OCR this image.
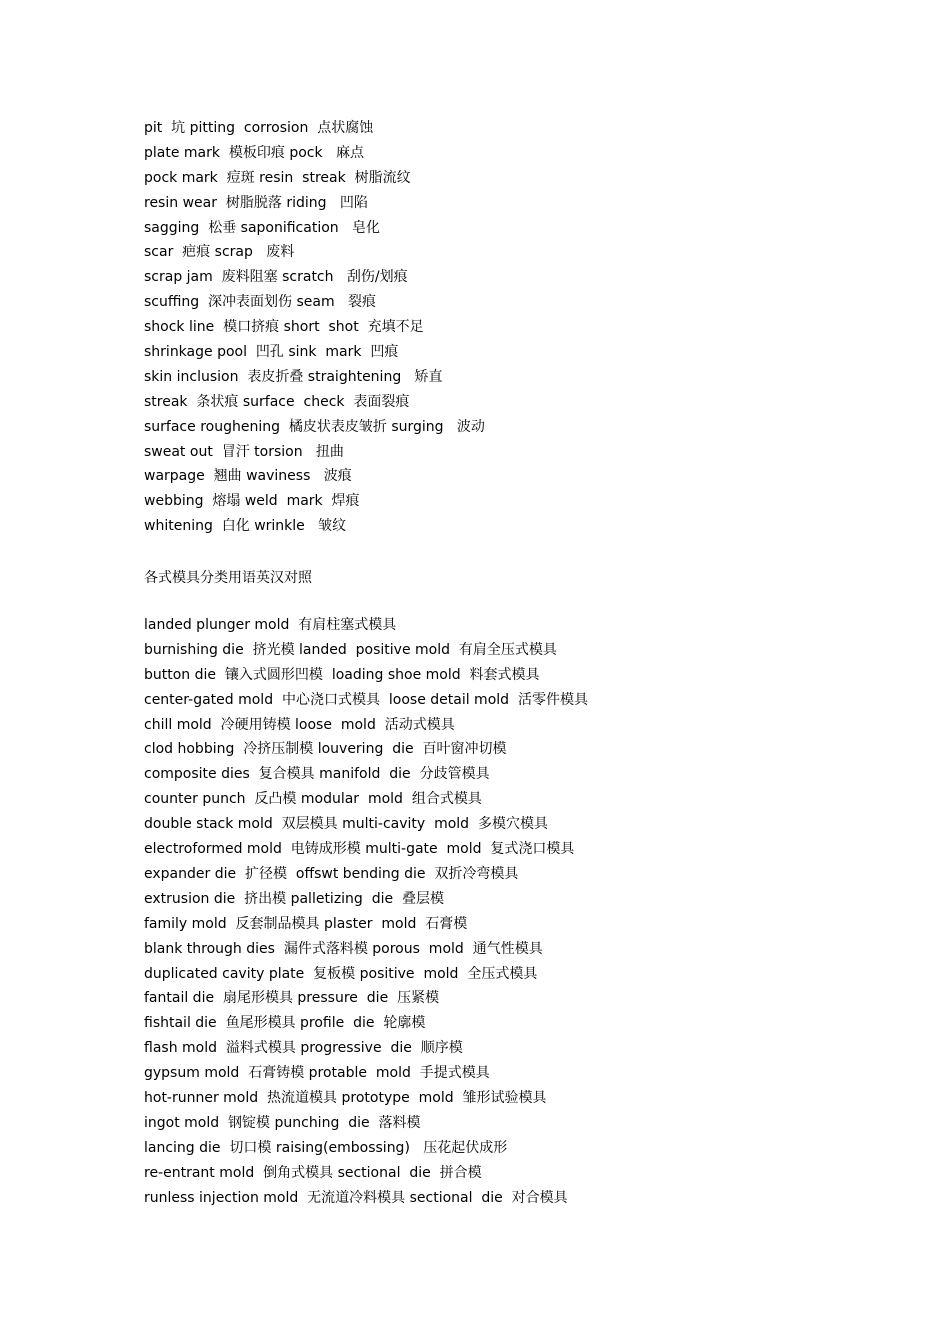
pit  坑 pitting  corrosion  点状腐蚀
plate mark  模板印痕 pock   麻点
pock mark  痘斑 resin  streak  树脂流纹
resin wear  树脂脱落 riding   凹陷
sagging  松垂 saponification   皂化
scar  疤痕 scrap   废料
scrap jam  废料阻塞 scratch   刮伤/划痕
scuffing  深冲表面划伤 seam   裂痕
shock line  模口挤痕 short  shot  充填不足
shrinkage pool  凹孔 sink  mark  凹痕
skin inclusion  表皮折叠 straightening   矫直
streak  条状痕 surface  check  表面裂痕
surface roughening  橘皮状表皮皱折 surging   波动
sweat out  冒汗 torsion   扭曲
warpage  翘曲 waviness   波痕
webbing  熔塌 weld  mark  焊痕
whitening  白化 wrinkle   皱纹
各式模具分类用语英汉对照
landed plunger mold  有肩柱塞式模具
burnishing die  挤光模 landed  positive mold  有肩全压式模具
button die  镶入式圆形凹模  loading shoe mold  料套式模具
center-gated mold  中心浇口式模具  loose detail mold  活零件模具
chill mold  冷硬用铸模 loose  mold  活动式模具
clod hobbing  冷挤压制模 louvering  die  百叶窗冲切模
composite dies  复合模具 manifold  die  分歧管模具
counter punch  反凸模 modular  mold  组合式模具
double stack mold  双层模具 multi-cavity  mold  多模穴模具
electroformed mold  电铸成形模 multi-gate  mold  复式浇口模具
expander die  扩径模  offswt bending die  双折冷弯模具
extrusion die  挤出模 palletizing  die  叠层模
family mold  反套制品模具 plaster  mold  石膏模
blank through dies  漏件式落料模 porous  mold  通气性模具
duplicated cavity plate  复板模 positive  mold  全压式模具
fantail die  扇尾形模具 pressure  die  压紧模
fishtail die  鱼尾形模具 profile  die  轮廓模
flash mold  溢料式模具 progressive  die  顺序模
gypsum mold  石膏铸模 protable  mold  手提式模具
hot-runner mold  热流道模具 prototype  mold  雏形试验模具
ingot mold  钢锭模 punching  die  落料模
lancing die  切口模 raising(embossing)   压花起伏成形
re-entrant mold  倒角式模具 sectional  die  拼合模
runless injection mold  无流道冷料模具 sectional  die  对合模具
